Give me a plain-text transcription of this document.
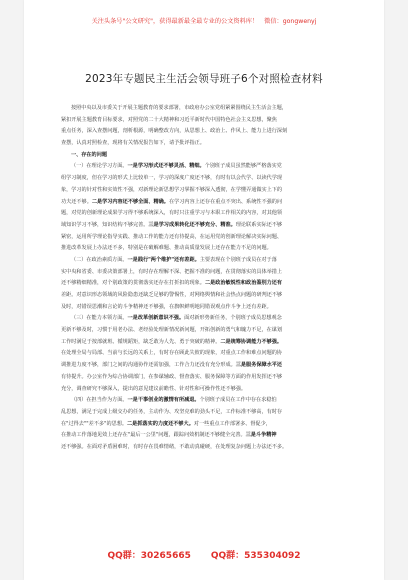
关注头条号"公文研究"，获得最新最全最专业的公文资料库！ 微信：gongwenyj
2023年专题民主生活会领导班子6个对照检查材料

按照中央以及市委关于开展主题教育的要求部署，市政府办公室党组紧紧围绕民主生活会主题，

紧扣开展主题教育目标要求，对照党的二十大精神和习近平新时代中国特色社会主义思想，聚焦

重点任务，深入查摆问题，剖析根源，明确整改方向，从思想上、政治上、作风上、能力上进行深刻

查摆，认真对照检查，现将有关情况报告如下，请予批评指正。

一、存在的问题

（一）在理论学习方面。一是学习形式还不够灵活、精细。个别班子成员虽然能够严格落实党

组学习制度，但在学习的形式上比较单一，学习的深度广度还不够，有时有以会代学、以读代学现

象，学习的针对性和实效性不强，对新理论新思想学习掌握不够深入透彻，在学懂弄通做实上下的

功夫还不够。二是学习内容还不够全面、精确。在学习内容上还存在重点不突出、系统性不强的问

题，对党的创新理论成果学习得不够系统深入，有时只注重学习与本职工作相关的内容，对其他领

域知识学习不够，知识结构不够完善。三是学习成果转化还不够充分、精准。理论联系实际还不够

紧密，运用所学理论指导实践、推动工作的能力还有待提高，在运用党的创新理论解决实际问题、

推进改革发展上办法还不多，特别是在破解难题、推动高质量发展上还存在能力不足的问题。

（二）在政治素质方面。一是践行"两个维护"还有差距。主要表现在个别班子成员在对于落

实中央和省委、市委决策部署上，有时存在理解不深、把握不准的问题，在贯彻落实的具体举措上

还不够精细精准，对个别政策的贯彻落实还存在打折扣的现象。二是政治敏锐性和政治鉴别力还有

差距。对意识形态领域的风险隐患还缺乏足够的警惕性，对网络舆情和社会热点问题的研判还不够

及时，对错误思潮和言论的斗争精神还不够强，在旗帜鲜明地同错误观点作斗争上还有差距。

（三）在能力本领方面。一是改革创新意识不强。面对新形势新任务，个别班子成员思想观念

更新不够及时，习惯于用老办法、老经验处理新情况新问题，开拓创新的勇气和魄力不足，在谋划

工作时满足于按部就班、循规蹈矩，缺乏敢为人先、勇于突破的精神。二是统筹协调能力不够强。

在处理全局与局部、当前与长远的关系上，有时存在顾此失彼的现象，对重点工作和难点问题的协

调推进力度不够，部门之间的沟通协作还需加强，工作合力还没有充分形成。三是服务保障水平还

有待提升。办公室作为综合协调部门，在参谋辅政、督查落实、服务保障等方面的作用发挥还不够

充分，调查研究不够深入，提出的意见建议前瞻性、针对性和可操作性还不够强。

（四）在担当作为方面。一是干事创业的激情有所减退。个别班子成员在工作中存在求稳怕

乱思想，满足于完成上级交办的任务，主动作为、攻坚克难的劲头不足，工作标准不够高，有时存

在"过得去""差不多"的思想。二是抓落实的力度还不够大。对一些重点工作部署多、督促少，

在推动工作落地见效上还存在"最后一公里"问题，跟踪问效机制还不够健全完善。三是斗争精神

还不够强。在面对矛盾困难时，有时存在畏难情绪，不敢动真碰硬，在处理复杂问题上办法还不多。

QQ群：30265665 QQ群：535304092
